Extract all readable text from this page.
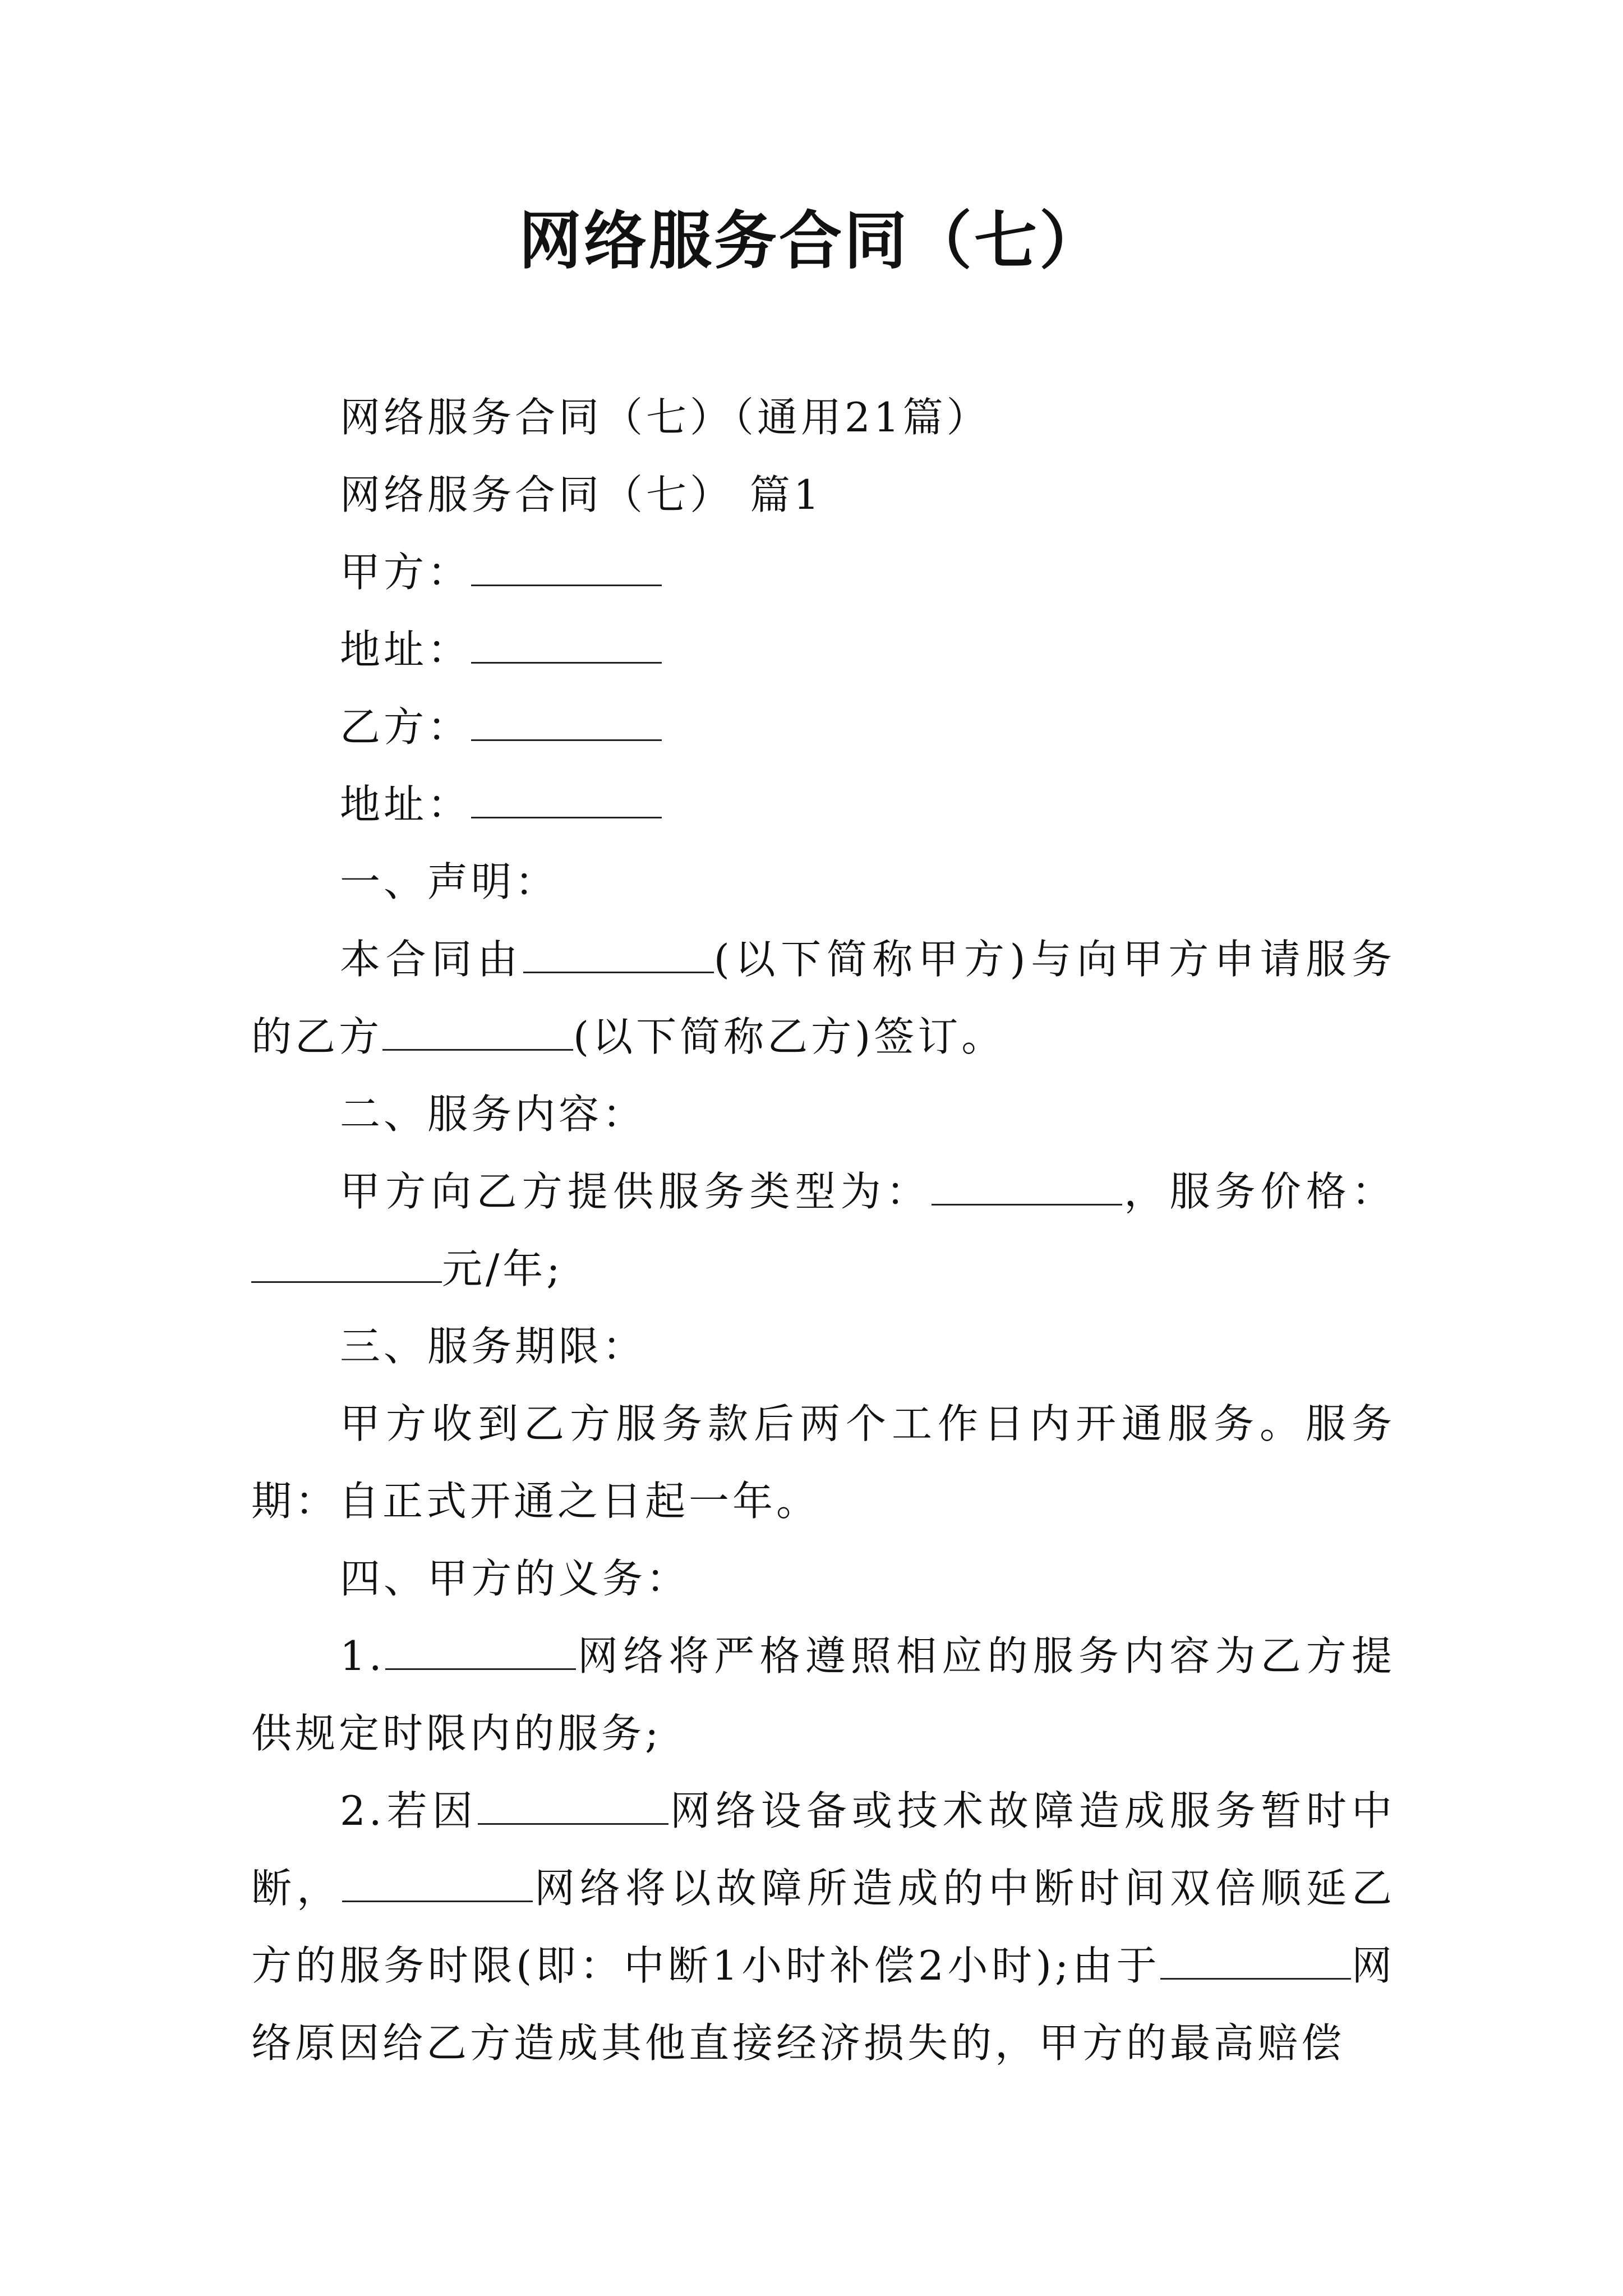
网络服务合同（七）

网络服务合同（七）（通用21篇）

网络服务合同（七） 篇1

甲方：

地址：

乙方：

地址：

一、声明：

本合同由	(以下简称甲方)与向甲方申请服务的乙方	(以下简称乙方)签订。

二、服务内容：

甲方向乙方提供服务类型为：	，服务价格：元/年;

三、服务期限：

甲方收到乙方服务款后两个工作日内开通服务。服务期：自正式开通之日起一年。

四、甲方的义务：

1.	网络将严格遵照相应的服务内容为乙方提供规定时限内的服务;

2.若因	网络设备或技术故障造成服务暂时中断，	网络将以故障所造成的中断时间双倍顺延乙方的服务时限(即：中断1小时补偿2小时);由于	网络原因给乙方造成其他直接经济损失的，甲方的最高赔偿
